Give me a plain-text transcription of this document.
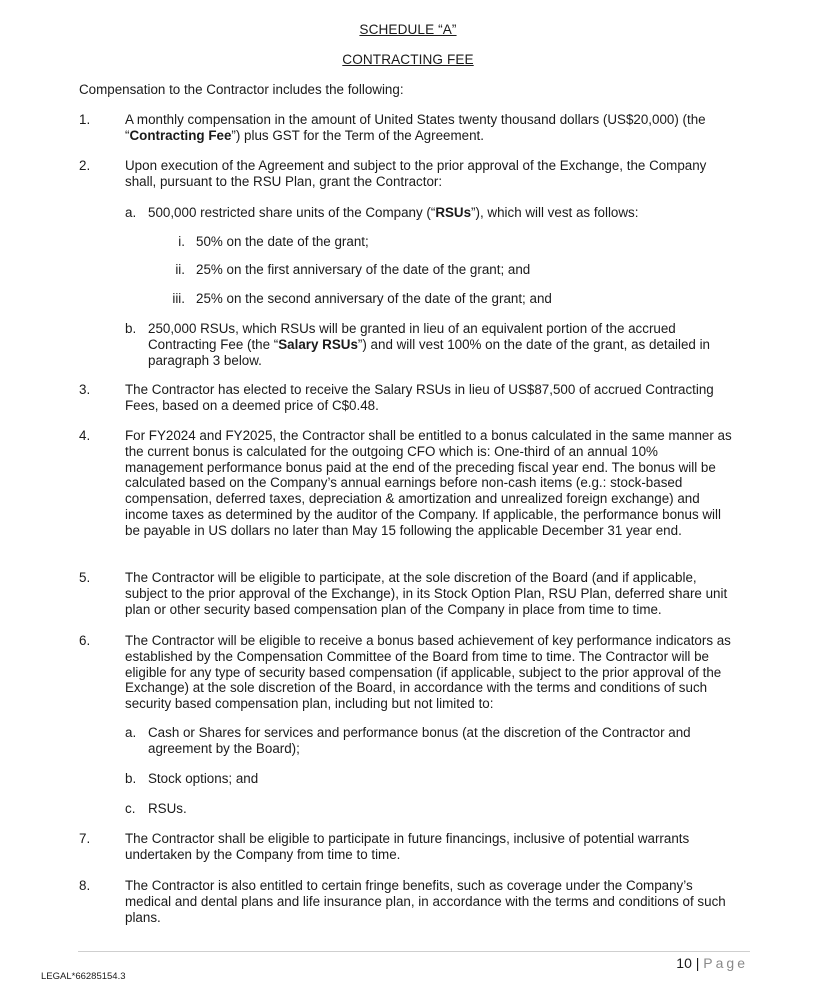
SCHEDULE “A”
CONTRACTING FEE
Compensation to the Contractor includes the following:
1.	A monthly compensation in the amount of United States twenty thousand dollars (US$20,000) (the “Contracting Fee”) plus GST for the Term of the Agreement.
2.	Upon execution of the Agreement and subject to the prior approval of the Exchange, the Company shall, pursuant to the RSU Plan, grant the Contractor:
a. 500,000 restricted share units of the Company (“RSUs”), which will vest as follows:
i. 50% on the date of the grant;
ii. 25% on the first anniversary of the date of the grant; and
iii. 25% on the second anniversary of the date of the grant; and
b. 250,000 RSUs, which RSUs will be granted in lieu of an equivalent portion of the accrued Contracting Fee (the “Salary RSUs”) and will vest 100% on the date of the grant, as detailed in paragraph 3 below.
3.	The Contractor has elected to receive the Salary RSUs in lieu of US$87,500 of accrued Contracting Fees, based on a deemed price of C$0.48.
4.	For FY2024 and FY2025, the Contractor shall be entitled to a bonus calculated in the same manner as the current bonus is calculated for the outgoing CFO which is: One-third of an annual 10% management performance bonus paid at the end of the preceding fiscal year end. The bonus will be calculated based on the Company’s annual earnings before non-cash items (e.g.: stock-based compensation, deferred taxes, depreciation & amortization and unrealized foreign exchange) and income taxes as determined by the auditor of the Company. If applicable, the performance bonus will be payable in US dollars no later than May 15 following the applicable December 31 year end.
5.	The Contractor will be eligible to participate, at the sole discretion of the Board (and if applicable, subject to the prior approval of the Exchange), in its Stock Option Plan, RSU Plan, deferred share unit plan or other security based compensation plan of the Company in place from time to time.
6.	The Contractor will be eligible to receive a bonus based achievement of key performance indicators as established by the Compensation Committee of the Board from time to time. The Contractor will be eligible for any type of security based compensation (if applicable, subject to the prior approval of the Exchange) at the sole discretion of the Board, in accordance with the terms and conditions of such security based compensation plan, including but not limited to:
a. Cash or Shares for services and performance bonus (at the discretion of the Contractor and agreement by the Board);
b. Stock options; and
c. RSUs.
7.	The Contractor shall be eligible to participate in future financings, inclusive of potential warrants undertaken by the Company from time to time.
8.	The Contractor is also entitled to certain fringe benefits, such as coverage under the Company’s medical and dental plans and life insurance plan, in accordance with the terms and conditions of such plans.
10 | Page
LEGAL*66285154.3
